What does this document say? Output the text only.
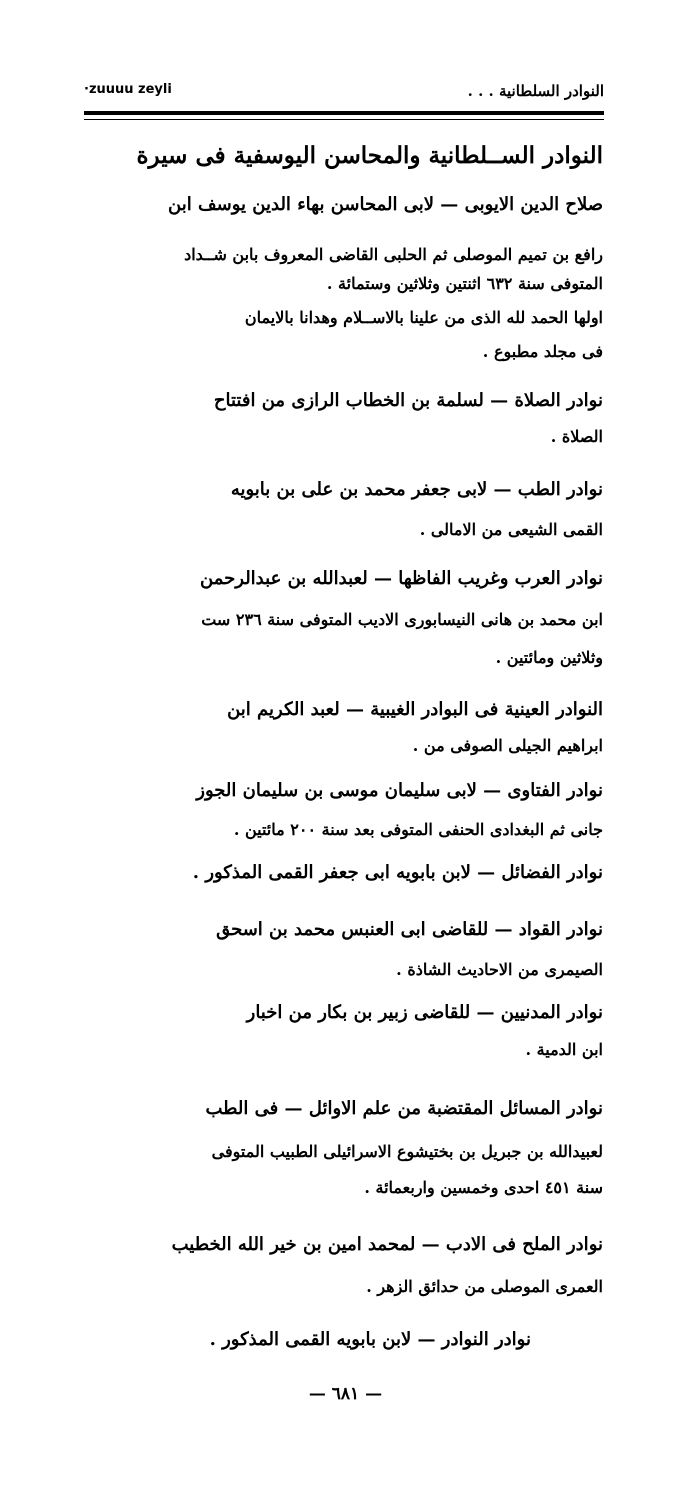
·zuuuu zeyli	النوادر السلطانية . . .
النوادر الســلطانية والمحاسن اليوسفية فى سيرة
صلاح الدين الايوبى — لابى المحاسن بهاء الدين يوسف ابن
رافع بن تميم الموصلى ثم الحلبى القاضى المعروف بابن شــداد
المتوفى سنة ٦٣٢ اثنتين وثلاثين وستمائة .
اولها الحمد لله الذى من علينا بالاســلام وهدانا بالايمان
فى مجلد مطبوع .
نوادر الصلاة — لسلمة بن الخطاب الرازى من افتتاح
الصلاة .
نوادر الطب — لابى جعفر محمد بن على بن بابويه
القمى الشيعى من الامالى .
نوادر العرب وغريب الفاظها — لعبدالله بن عبدالرحمن
ابن محمد بن هانى النيسابورى الاديب المتوفى سنة ٢٣٦ ست
وثلاثين ومائتين .
النوادر العينية فى البوادر الغيبية — لعبد الكريم ابن
ابراهيم الجيلى الصوفى من .
نوادر الفتاوى — لابى سليمان موسى بن سليمان الجوز
جانى ثم البغدادى الحنفى المتوفى بعد سنة ٢٠٠ مائتين .
نوادر الفضائل — لابن بابويه ابى جعفر القمى المذكور .
نوادر القواد — للقاضى ابى العنبس محمد بن اسحق
الصيمرى من الاحاديث الشاذة .
نوادر المدنيين — للقاضى زبير بن بكار من اخبار
ابن الدمية .
نوادر المسائل المقتضبة من علم الاوائل — فى الطب
لعبيدالله بن جبريل بن بختيشوع الاسرائيلى الطبيب المتوفى
سنة ٤٥١ احدى وخمسين واربعمائة .
نوادر الملح فى الادب — لمحمد امين بن خير الله الخطيب
العمرى الموصلى من حدائق الزهر .
نوادر النوادر — لابن بابويه القمى المذكور .
— ٦٨١ —
